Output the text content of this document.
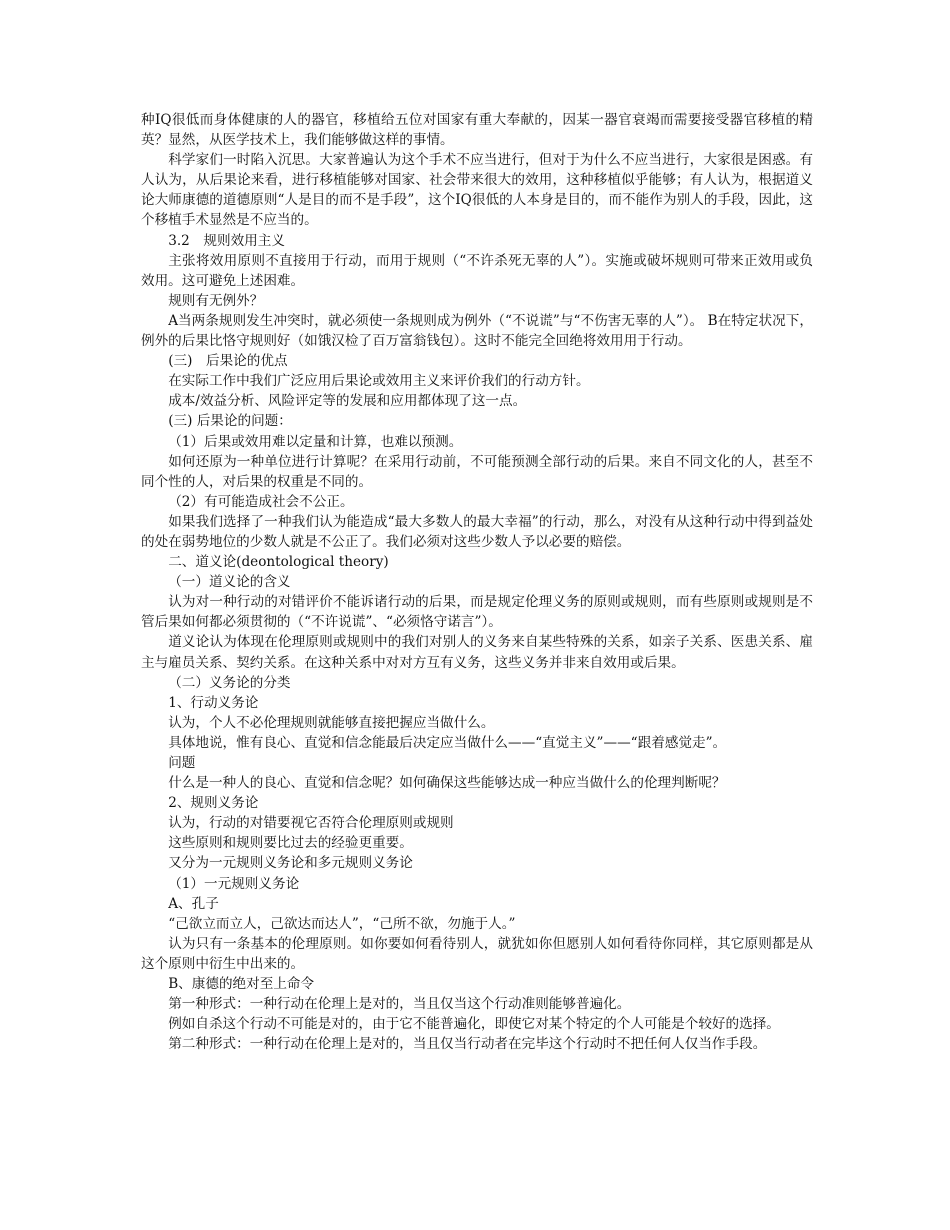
种IQ很低而身体健康的人的器官，移植给五位对国家有重大奉献的，因某一器官衰竭而需要接受器官移植的精英？显然，从医学技术上，我们能够做这样的事情。

科学家们一时陷入沉思。大家普遍认为这个手术不应当进行，但对于为什么不应当进行，大家很是困惑。有人认为，从后果论来看，进行移植能够对国家、社会带来很大的效用，这种移植似乎能够；有人认为，根据道义论大师康德的道德原则“人是目的而不是手段”，这个IQ很低的人本身是目的，而不能作为别人的手段，因此，这个移植手术显然是不应当的。

3.2　规则效用主义

主张将效用原则不直接用于行动，而用于规则（“不许杀死无辜的人”）。实施或破坏规则可带来正效用或负效用。这可避免上述困难。

规则有无例外？

A当两条规则发生冲突时，就必须使一条规则成为例外（“不说谎”与“不伤害无辜的人”）。 B在特定状况下，例外的后果比恪守规则好（如饿汉检了百万富翁钱包）。这时不能完全回绝将效用用于行动。

(三)　后果论的优点

在实际工作中我们广泛应用后果论或效用主义来评价我们的行动方针。

成本/效益分析、风险评定等的发展和应用都体现了这一点。

(三) 后果论的问题：

（1）后果或效用难以定量和计算，也难以预测。

如何还原为一种单位进行计算呢？在采用行动前，不可能预测全部行动的后果。来自不同文化的人，甚至不同个性的人，对后果的权重是不同的。

（2）有可能造成社会不公正。

如果我们选择了一种我们认为能造成“最大多数人的最大幸福”的行动，那么，对没有从这种行动中得到益处的处在弱势地位的少数人就是不公正了。我们必须对这些少数人予以必要的赔偿。

二、道义论(deontological theory)

（一）道义论的含义

认为对一种行动的对错评价不能诉诸行动的后果，而是规定伦理义务的原则或规则，而有些原则或规则是不管后果如何都必须贯彻的（“不许说谎”、“必须恪守诺言”）。

道义论认为体现在伦理原则或规则中的我们对别人的义务来自某些特殊的关系，如亲子关系、医患关系、雇主与雇员关系、契约关系。在这种关系中对对方互有义务，这些义务并非来自效用或后果。

（二）义务论的分类

1、行动义务论

认为，个人不必伦理规则就能够直接把握应当做什么。

具体地说，惟有良心、直觉和信念能最后决定应当做什么——“直觉主义”——“跟着感觉走”。

问题

什么是一种人的良心、直觉和信念呢？如何确保这些能够达成一种应当做什么的伦理判断呢？

2、规则义务论

认为，行动的对错要视它否符合伦理原则或规则

这些原则和规则要比过去的经验更重要。

又分为一元规则义务论和多元规则义务论

（1）一元规则义务论

A、孔子

“己欲立而立人，己欲达而达人”，“己所不欲，勿施于人。”

认为只有一条基本的伦理原则。如你要如何看待别人，就犹如你但愿别人如何看待你同样，其它原则都是从这个原则中衍生中出来的。

B、康德的绝对至上命令

第一种形式：一种行动在伦理上是对的，当且仅当这个行动准则能够普遍化。

例如自杀这个行动不可能是对的，由于它不能普遍化，即使它对某个特定的个人可能是个较好的选择。

第二种形式：一种行动在伦理上是对的，当且仅当行动者在完毕这个行动时不把任何人仅当作手段。
